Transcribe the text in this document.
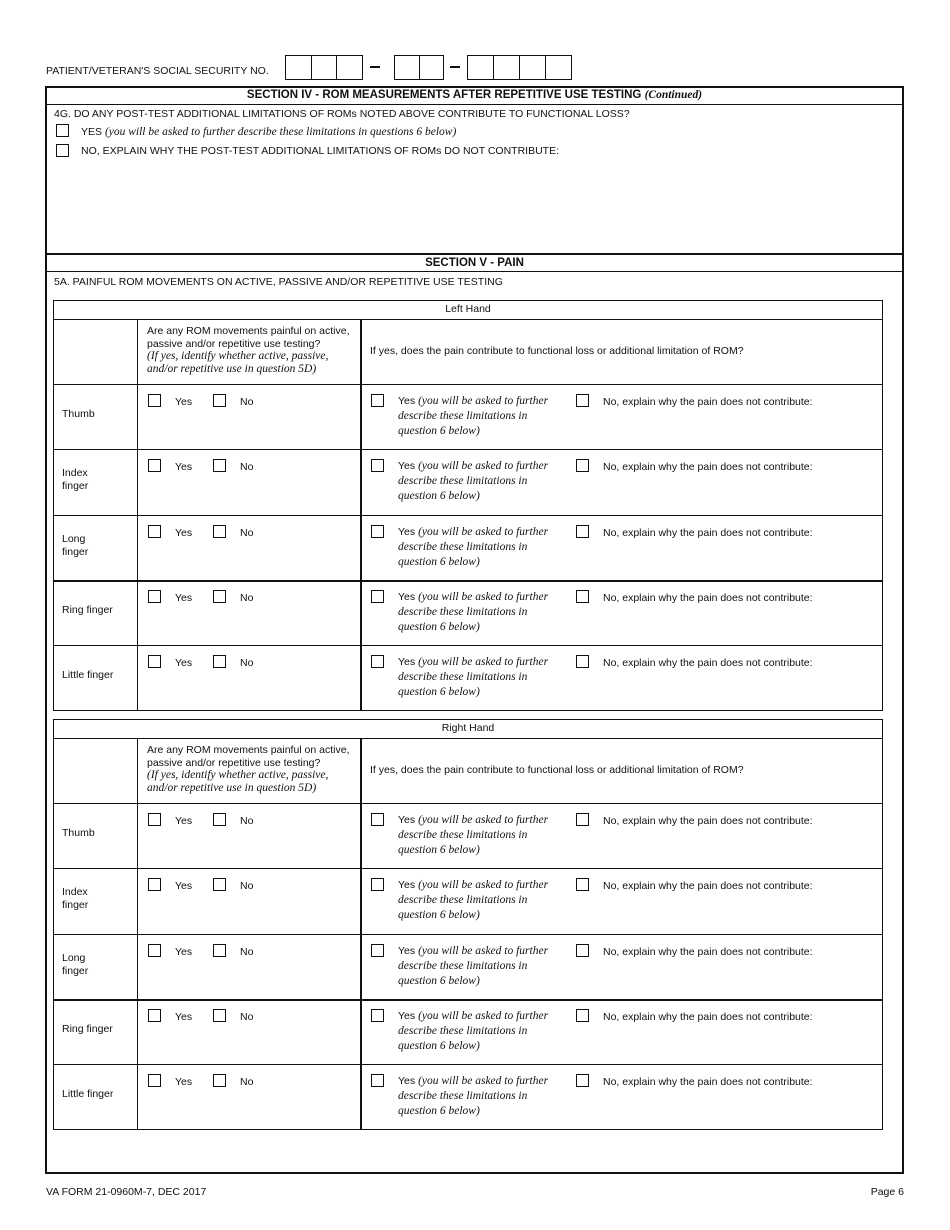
PATIENT/VETERAN'S SOCIAL SECURITY NO.
SECTION IV - ROM MEASUREMENTS AFTER REPETITIVE USE TESTING (Continued)
4G. DO ANY POST-TEST ADDITIONAL LIMITATIONS OF ROMs NOTED ABOVE CONTRIBUTE TO FUNCTIONAL LOSS?
YES (you will be asked to further describe these limitations in questions 6 below)
NO, EXPLAIN WHY THE POST-TEST ADDITIONAL LIMITATIONS OF ROMs DO NOT CONTRIBUTE:
SECTION V - PAIN
5A. PAINFUL ROM MOVEMENTS ON ACTIVE, PASSIVE AND/OR REPETITIVE USE TESTING
Left Hand
Are any ROM movements painful on active,
passive and/or repetitive use testing?
(If yes, identify whether active, passive,
and/or repetitive use in question 5D)
If yes, does the pain contribute to functional loss or additional limitation of ROM?
Thumb
Yes	No	Yes (you will be asked to further
describe these limitations in
question 6 below)
No, explain why the pain does not contribute:
Index
finger
Yes	No	Yes (you will be asked to further
describe these limitations in
question 6 below)
No, explain why the pain does not contribute:
Long
finger
Yes	No	Yes (you will be asked to further
describe these limitations in
question 6 below)
No, explain why the pain does not contribute:
Ring finger
Yes	No	Yes (you will be asked to further
describe these limitations in
question 6 below)
No, explain why the pain does not contribute:
Little finger
Yes	No	Yes (you will be asked to further
describe these limitations in
question 6 below)
No, explain why the pain does not contribute:
Right Hand
Are any ROM movements painful on active,
passive and/or repetitive use testing?
(If yes, identify whether active, passive,
and/or repetitive use in question 5D)
If yes, does the pain contribute to functional loss or additional limitation of ROM?
Thumb
Yes	No	Yes (you will be asked to further
describe these limitations in
question 6 below)
No, explain why the pain does not contribute:
Index
finger
Yes	No	Yes (you will be asked to further
describe these limitations in
question 6 below)
No, explain why the pain does not contribute:
Long
finger
Yes	No	Yes (you will be asked to further
describe these limitations in
question 6 below)
No, explain why the pain does not contribute:
Ring finger
Yes	No	Yes (you will be asked to further
describe these limitations in
question 6 below)
No, explain why the pain does not contribute:
Little finger
Yes	No	Yes (you will be asked to further
describe these limitations in
question 6 below)
No, explain why the pain does not contribute:
VA FORM 21-0960M-7, DEC 2017	Page 6
